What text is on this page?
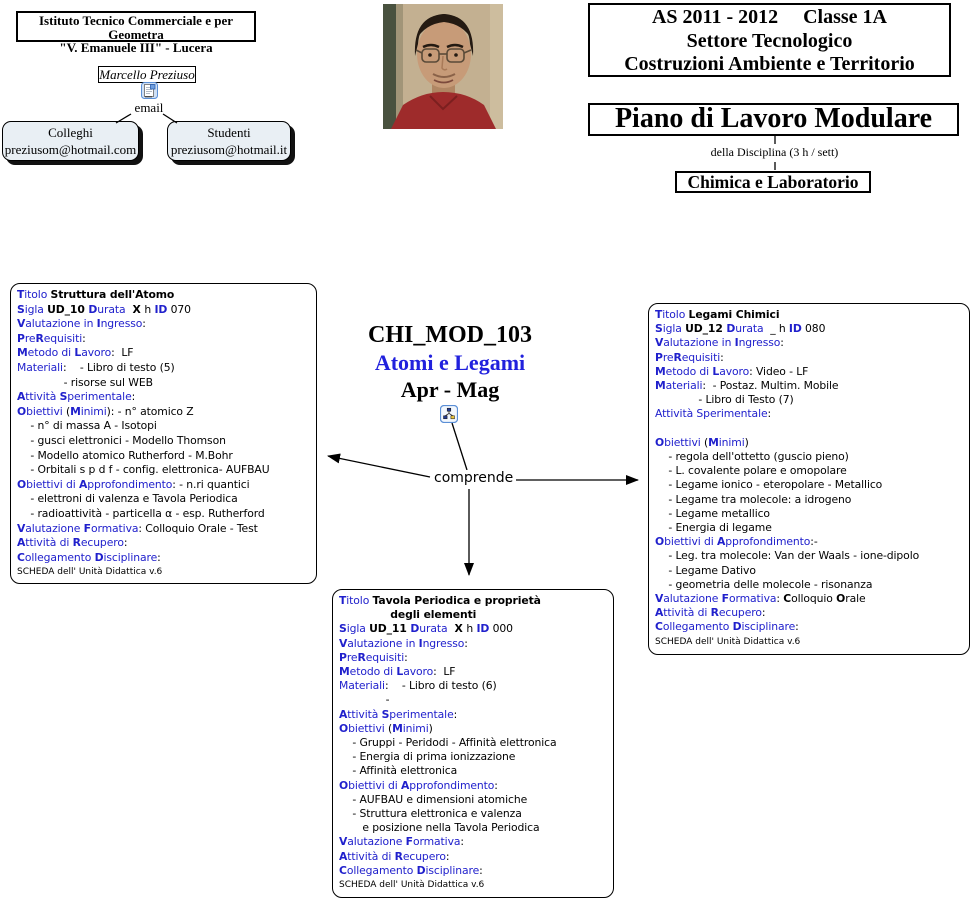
Istituto Tecnico Commerciale e per Geometra
"V. Emanuele III" - Lucera
Marcello Preziuso
email
Colleghi
preziusom@hotmail.com
Studenti
preziusom@hotmail.it
AS 2011 - 2012     Classe 1A
Settore Tecnologico
Costruzioni Ambiente e Territorio
Piano di Lavoro Modulare
della Disciplina (3 h / sett)
Chimica e Laboratorio
CHI_MOD_103
Atomi e Legami
Apr - Mag
comprende
Titolo Struttura dell'Atomo
Sigla UD_10 Durata  X h ID 070
Valutazione in Ingresso:
PreRequisiti:
Metodo di Lavoro:  LF
Materiali:    - Libro di testo (5)
- risorse sul WEB
Attività Sperimentale:
Obiettivi (Minimi): - n° atomico Z
- n° di massa A - Isotopi
- gusci elettronici - Modello Thomson
- Modello atomico Rutherford - M.Bohr
- Orbitali s p d f - config. elettronica- AUFBAU
Obiettivi di Approfondimento: - n.ri quantici
- elettroni di valenza e Tavola Periodica
- radioattività - particella α - esp. Rutherford
Valutazione Formativa: Colloquio Orale - Test
Attività di Recupero:
Collegamento Disciplinare:
SCHEDA dell' Unità Didattica v.6
Titolo Legami Chimici
Sigla UD_12 Durata  _ h ID 080
Valutazione in Ingresso:
PreRequisiti:
Metodo di Lavoro: Video - LF
Materiali:  - Postaz. Multim. Mobile
- Libro di Testo (7)
Attività Sperimentale:

Obiettivi (Minimi)
- regola dell'ottetto (guscio pieno)
- L. covalente polare e omopolare
- Legame ionico - eteropolare - Metallico
- Legame tra molecole: a idrogeno
- Legame metallico
- Energia di legame
Obiettivi di Approfondimento:-
- Leg. tra molecole: Van der Waals - ione-dipolo
- Legame Dativo
- geometria delle molecole - risonanza
Valutazione Formativa: Colloquio Orale
Attività di Recupero:
Collegamento Disciplinare:
SCHEDA dell' Unità Didattica v.6
Titolo Tavola Periodica e proprietà
degli elementi
Sigla UD_11 Durata  X h ID 000
Valutazione in Ingresso:
PreRequisiti:
Metodo di Lavoro:  LF
Materiali:    - Libro di testo (6)
-
Attività Sperimentale:
Obiettivi (Minimi)
- Gruppi - Peridodi - Affinità elettronica
- Energia di prima ionizzazione
- Affinità elettronica
Obiettivi di Approfondimento:
- AUFBAU e dimensioni atomiche
- Struttura elettronica e valenza
e posizione nella Tavola Periodica
Valutazione Formativa:
Attività di Recupero:
Collegamento Disciplinare:
SCHEDA dell' Unità Didattica v.6
